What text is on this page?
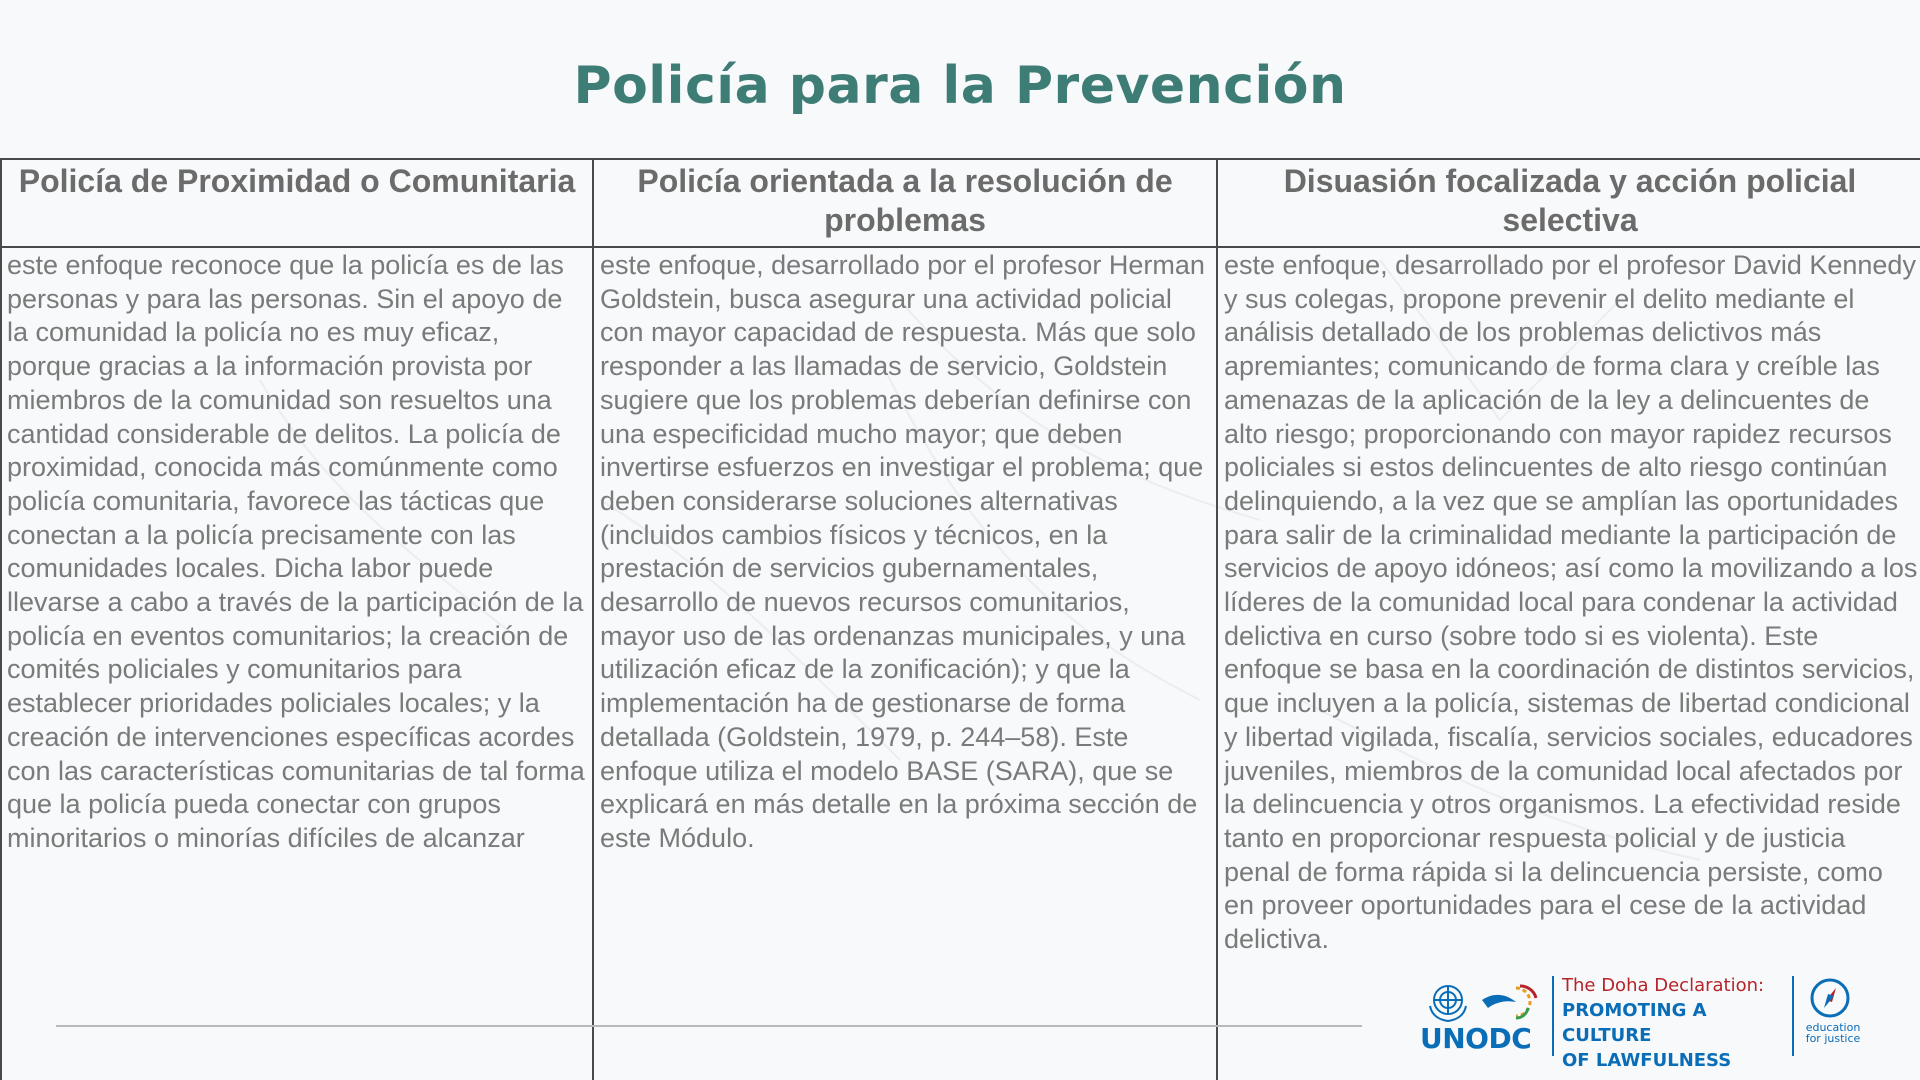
Policía para la Prevención
Policía de Proximidad o Comunitaria
este enfoque reconoce que la policía es de las personas y para las personas. Sin el apoyo de la comunidad la policía no es muy eficaz, porque gracias a la información provista por miembros de la comunidad son resueltos una cantidad considerable de delitos. La policía de proximidad, conocida más comúnmente como policía comunitaria, favorece las tácticas que conectan a la policía precisamente con las comunidades locales. Dicha labor puede llevarse a cabo a través de la participación de la policía en eventos comunitarios; la creación de comités policiales y comunitarios para establecer prioridades policiales locales; y la creación de intervenciones específicas acordes con las características comunitarias de tal forma que la policía pueda conectar con grupos minoritarios o minorías difíciles de alcanzar
Policía orientada a la resolución de problemas
este enfoque, desarrollado por el profesor Herman Goldstein, busca asegurar una actividad policial con mayor capacidad de respuesta. Más que solo responder a las llamadas de servicio, Goldstein sugiere que los problemas deberían definirse con una especificidad mucho mayor; que deben invertirse esfuerzos en investigar el problema; que deben considerarse soluciones alternativas (incluidos cambios físicos y técnicos, en la prestación de servicios gubernamentales, desarrollo de nuevos recursos comunitarios, mayor uso de las ordenanzas municipales, y una utilización eficaz de la zonificación); y que la implementación ha de gestionarse de forma detallada (Goldstein, 1979, p. 244–58). Este enfoque utiliza el modelo BASE (SARA), que se explicará en más detalle en la próxima sección de este Módulo.
Disuasión focalizada y acción policial selectiva
este enfoque, desarrollado por el profesor David Kennedy y sus colegas, propone prevenir el delito mediante el análisis detallado de los problemas delictivos más apremiantes; comunicando de forma clara y creíble las amenazas de la aplicación de la ley a delincuentes de alto riesgo; proporcionando con mayor rapidez recursos policiales si estos delincuentes de alto riesgo continúan delinquiendo, a la vez que se amplían las oportunidades para salir de la criminalidad mediante la participación de servicios de apoyo idóneos; así como la movilizando a los líderes de la comunidad local para condenar la actividad delictiva en curso (sobre todo si es violenta). Este enfoque se basa en la coordinación de distintos servicios, que incluyen a la policía, sistemas de libertad condicional y libertad vigilada, fiscalía, servicios sociales, educadores juveniles, miembros de la comunidad local afectados por la delincuencia y otros organismos. La efectividad reside tanto en proporcionar respuesta policial y de justicia penal de forma rápida si la delincuencia persiste, como en proveer oportunidades para el cese de la actividad delictiva.
UNODC
The Doha Declaration:
PROMOTING A CULTURE
OF LAWFULNESS
education
for justice
